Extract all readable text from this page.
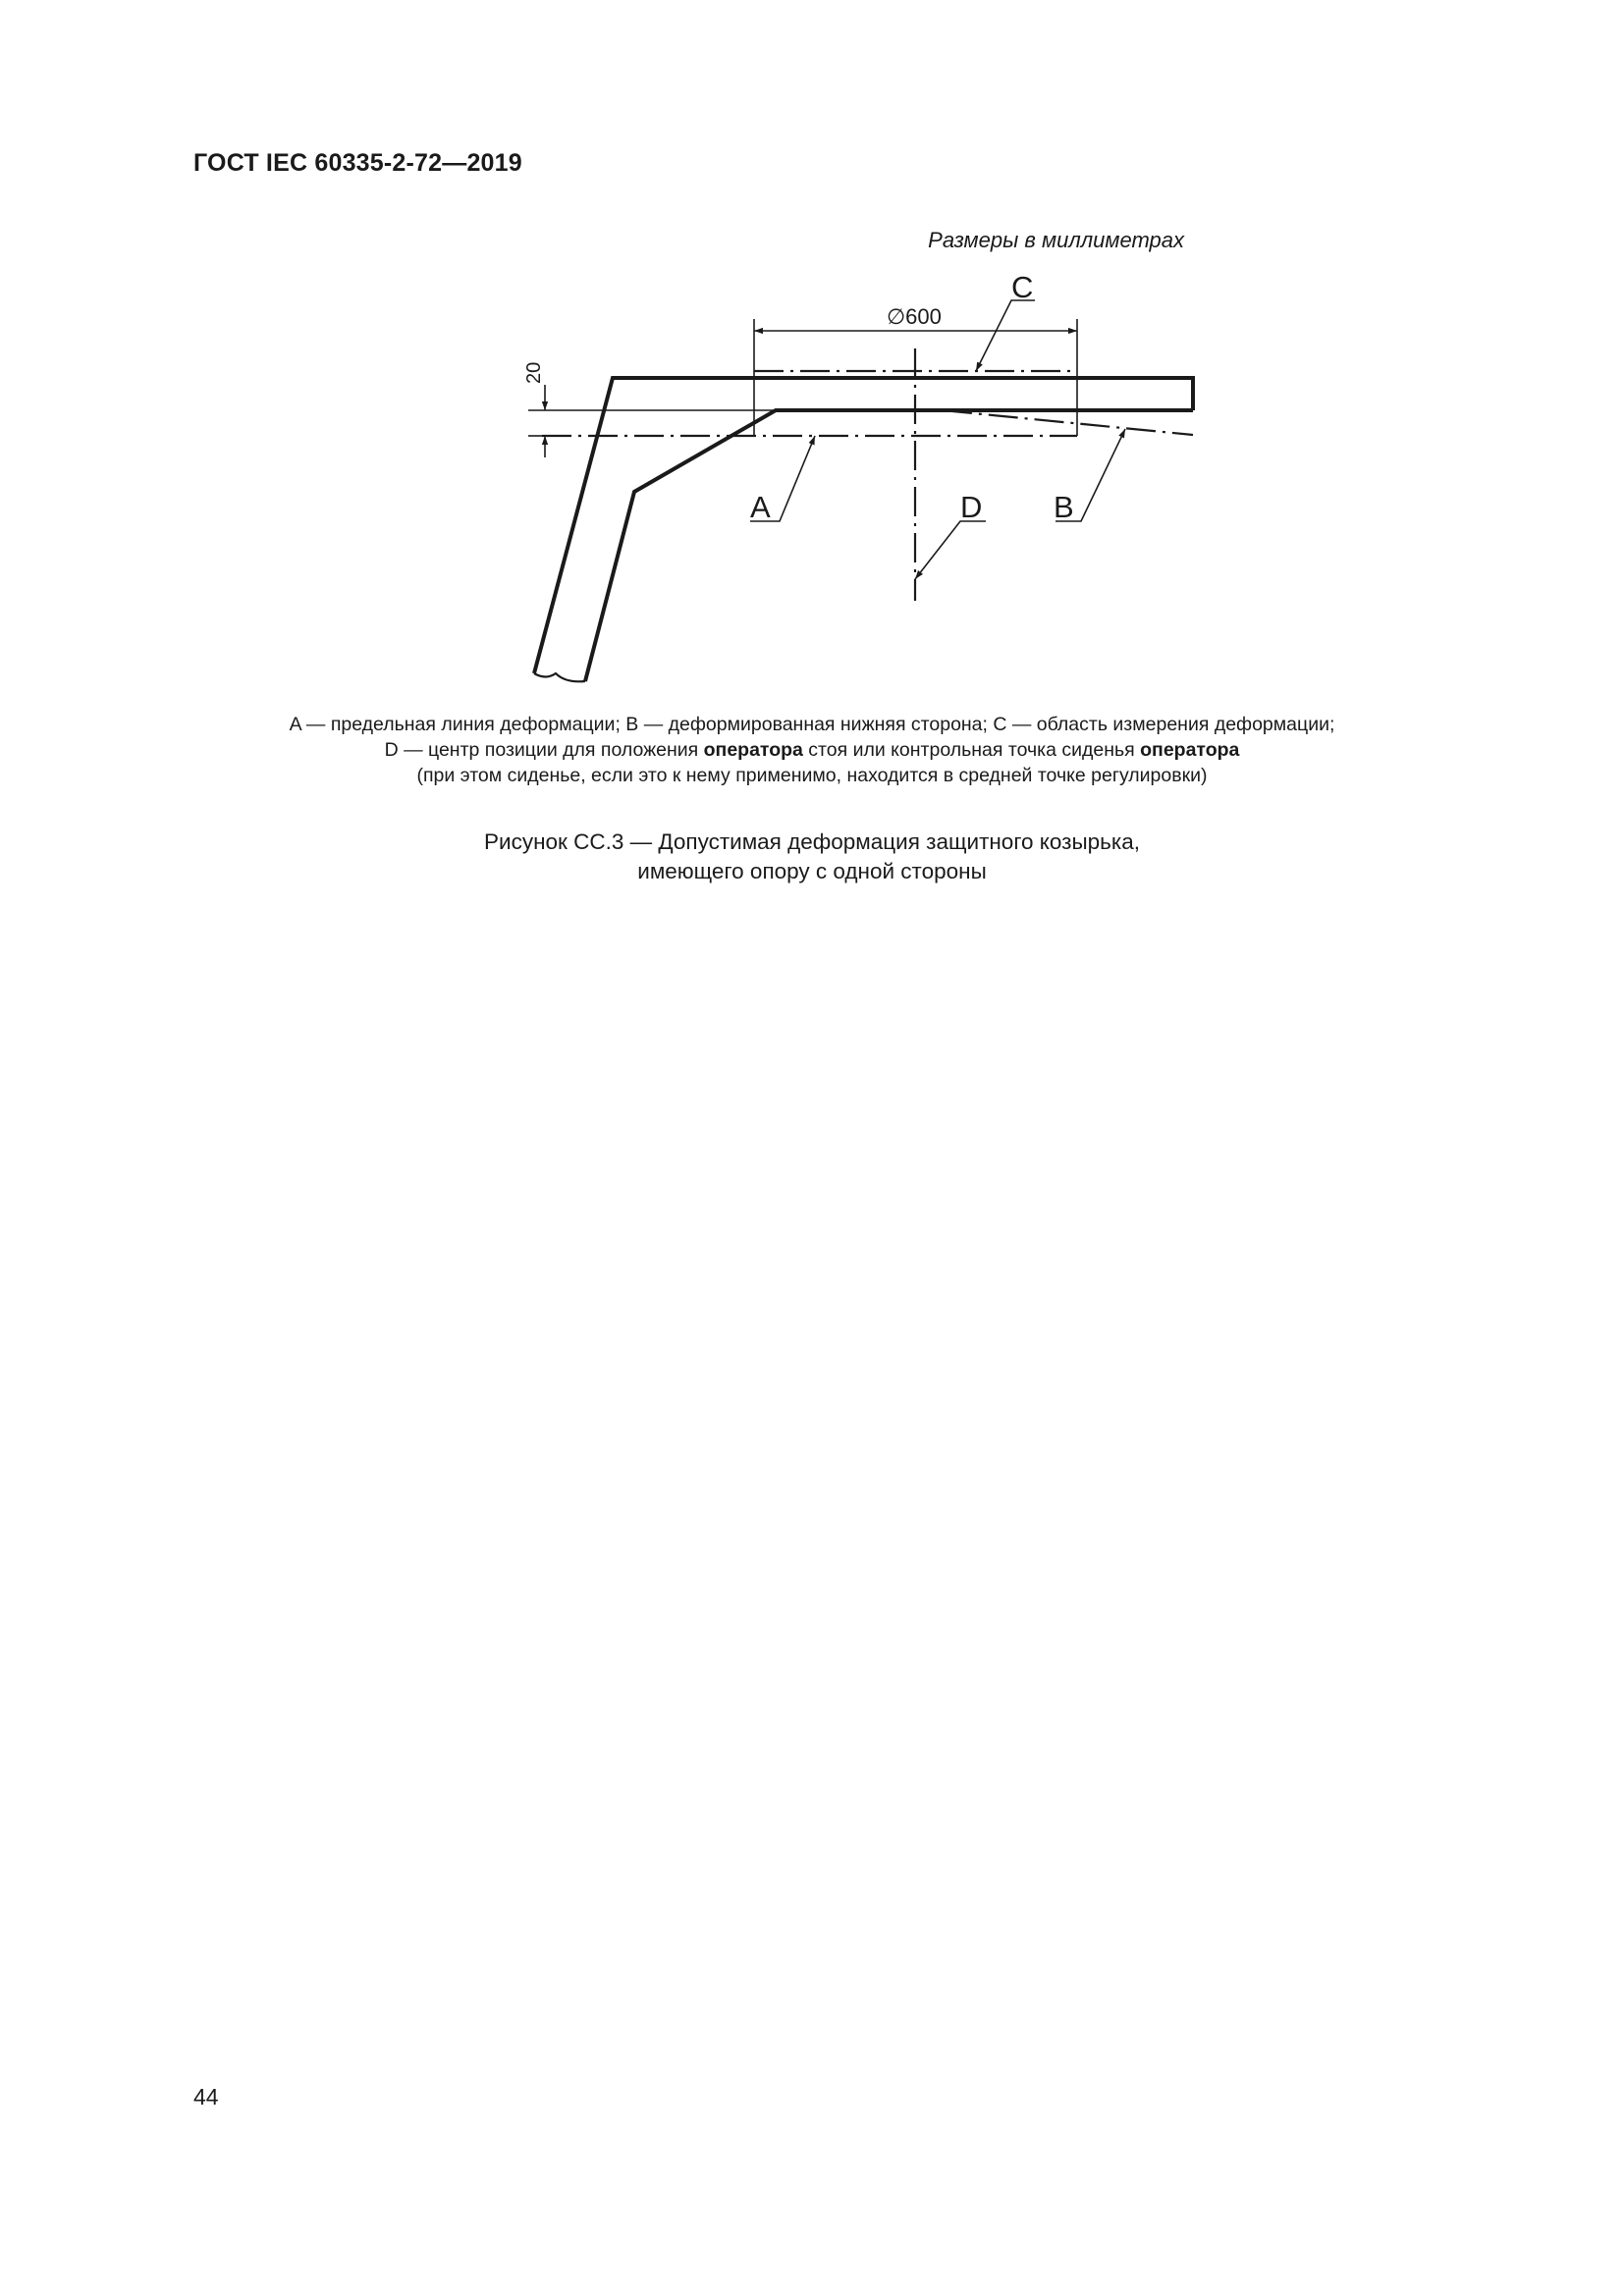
ГОСТ IEC 60335-2-72—2019
Размеры в миллиметрах
C
A	D B
∅600
20
A — предельная линия деформации; B — деформированная нижняя сторона; C — область измерения деформации;
D — центр позиции для положения оператора стоя или контрольная точка сиденья оператора
(при этом сиденье, если это к нему применимо, находится в средней точке регулировки)
Рисунок СС.3 — Допустимая деформация защитного козырька,
имеющего опору с одной стороны
44
